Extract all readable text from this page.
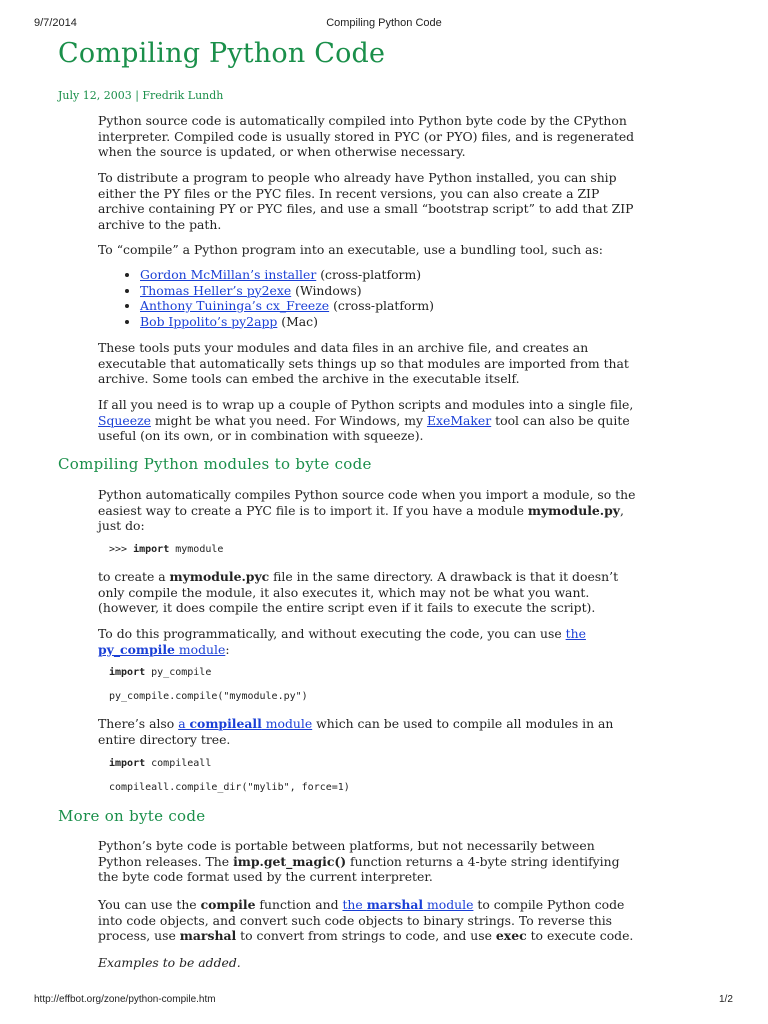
9/7/2014	Compiling Python Code
Compiling Python Code
July 12, 2003 | Fredrik Lundh

Python source code is automatically compiled into Python byte code by the CPython interpreter. Compiled code is usually stored in PYC (or PYO) files, and is regenerated when the source is updated, or when otherwise necessary.

To distribute a program to people who already have Python installed, you can ship either the PY files or the PYC files. In recent versions, you can also create a ZIP archive containing PY or PYC files, and use a small “bootstrap script” to add that ZIP archive to the path.

To “compile” a Python program into an executable, use a bundling tool, such as:

• Gordon McMillan’s installer (cross-platform)
• Thomas Heller’s py2exe (Windows)
• Anthony Tuininga’s cx_Freeze (cross-platform)
• Bob Ippolito’s py2app (Mac)

These tools puts your modules and data files in an archive file, and creates an executable that automatically sets things up so that modules are imported from that archive. Some tools can embed the archive in the executable itself.

If all you need is to wrap up a couple of Python scripts and modules into a single file, Squeeze might be what you need. For Windows, my ExeMaker tool can also be quite useful (on its own, or in combination with squeeze).

Compiling Python modules to byte code

Python automatically compiles Python source code when you import a module, so the easiest way to create a PYC file is to import it. If you have a module mymodule.py, just do:

>>> import mymodule

to create a mymodule.pyc file in the same directory. A drawback is that it doesn’t only compile the module, it also executes it, which may not be what you want. (however, it does compile the entire script even if it fails to execute the script).

To do this programmatically, and without executing the code, you can use the py_compile module:

import py_compile
py_compile.compile("mymodule.py")

There’s also a compileall module which can be used to compile all modules in an entire directory tree.

import compileall
compileall.compile_dir("mylib", force=1)
More on byte code

Python’s byte code is portable between platforms, but not necessarily between Python releases. The imp.get_magic() function returns a 4-byte string identifying the byte code format used by the current interpreter.

You can use the compile function and the marshal module to compile Python code into code objects, and convert such code objects to binary strings. To reverse this process, use marshal to convert from strings to code, and use exec to execute code.

Examples to be added.

http://effbot.org/zone/python-compile.htm	1/2
